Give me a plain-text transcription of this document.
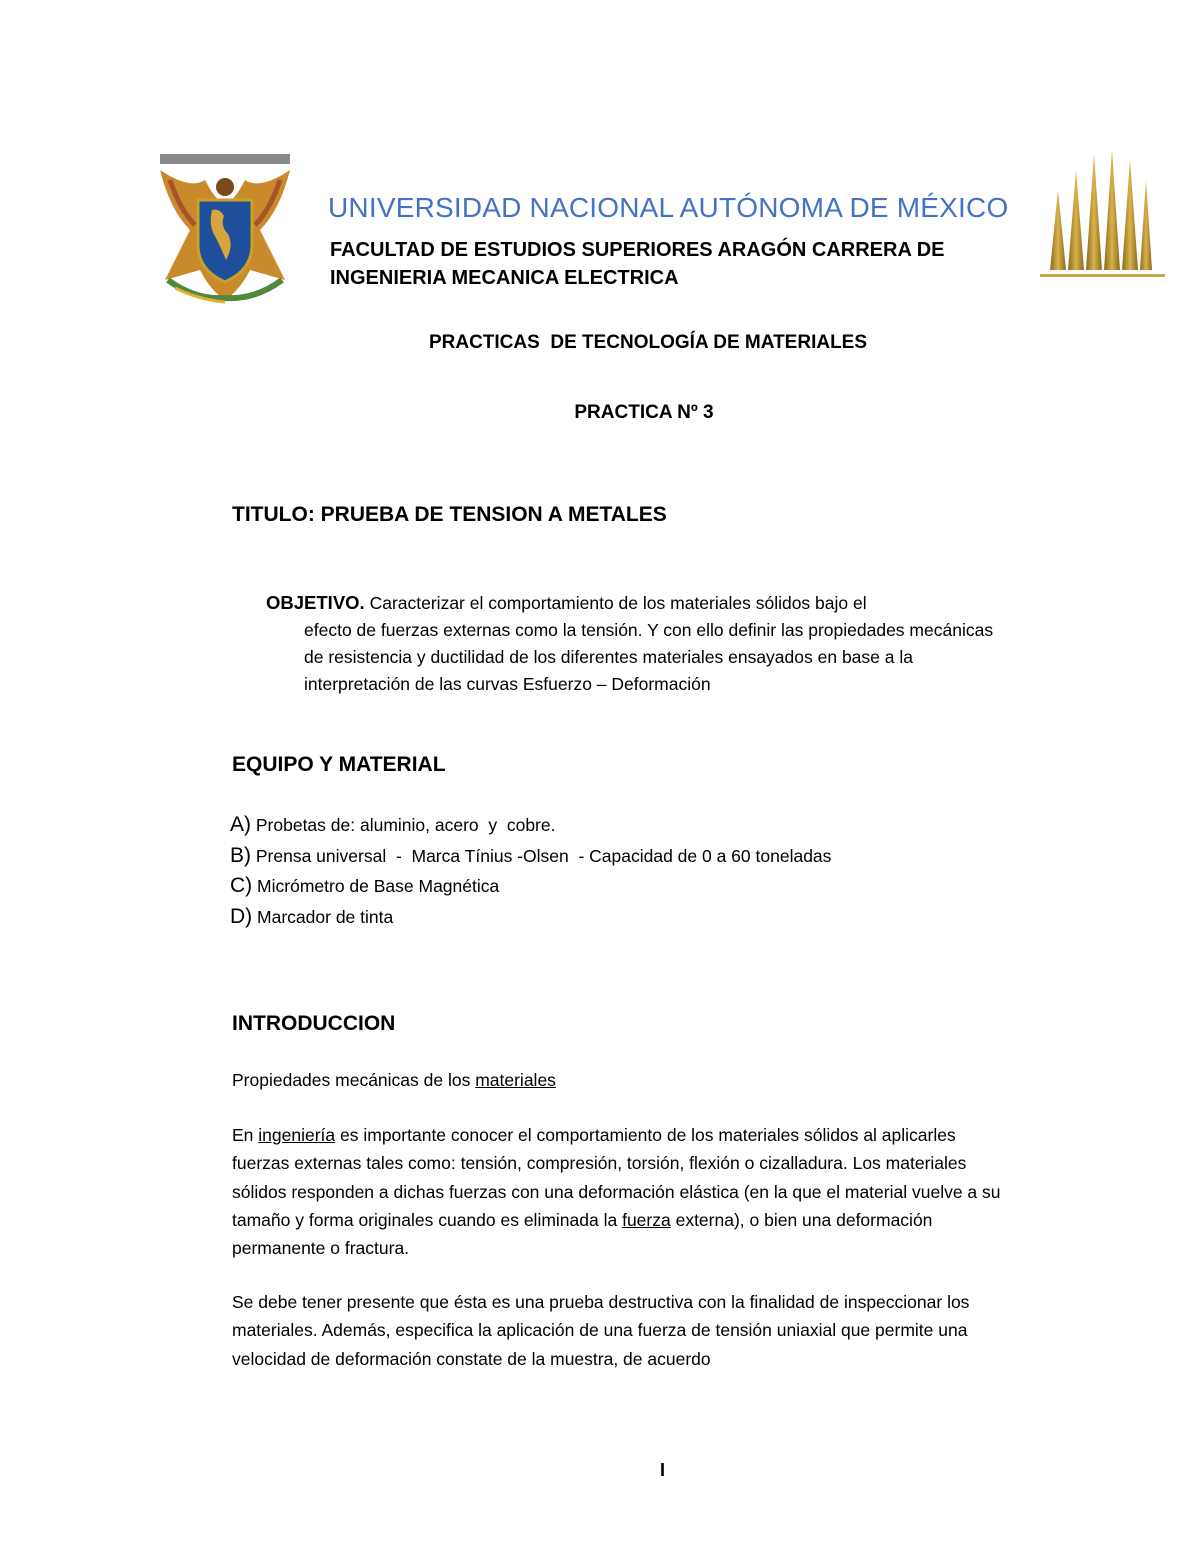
UNIVERSIDAD NACIONAL AUTÓNOMA DE MÉXICO
FACULTAD DE ESTUDIOS SUPERIORES ARAGÓN CARRERA DE INGENIERIA MECANICA ELECTRICA
PRACTICAS  DE TECNOLOGÍA DE MATERIALES
PRACTICA Nº 3
TITULO: PRUEBA DE TENSION A METALES
OBJETIVO. Caracterizar el comportamiento de los materiales sólidos bajo el
efecto de fuerzas externas como la tensión. Y con ello definir las propiedades mecánicas de resistencia y ductilidad de los diferentes materiales ensayados en base a la interpretación de las curvas Esfuerzo – Deformación
EQUIPO Y MATERIAL
A) Probetas de: aluminio, acero  y  cobre.
B) Prensa universal  -  Marca Tínius -Olsen  - Capacidad de 0 a 60 toneladas
C) Micrómetro de Base Magnética
D) Marcador de tinta
INTRODUCCION
Propiedades mecánicas de los materiales
En ingeniería es importante conocer el comportamiento de los materiales sólidos al aplicarles fuerzas externas tales como: tensión, compresión, torsión, flexión o cizalladura. Los materiales sólidos responden a dichas fuerzas con una deformación elástica (en la que el material vuelve a su tamaño y forma originales cuando es eliminada la fuerza externa), o bien una deformación permanente o fractura.
Se debe tener presente que ésta es una prueba destructiva con la finalidad de inspeccionar los materiales. Además, especifica la aplicación de una fuerza de tensión uniaxial que permite una velocidad de deformación constate de la muestra, de acuerdo
I
